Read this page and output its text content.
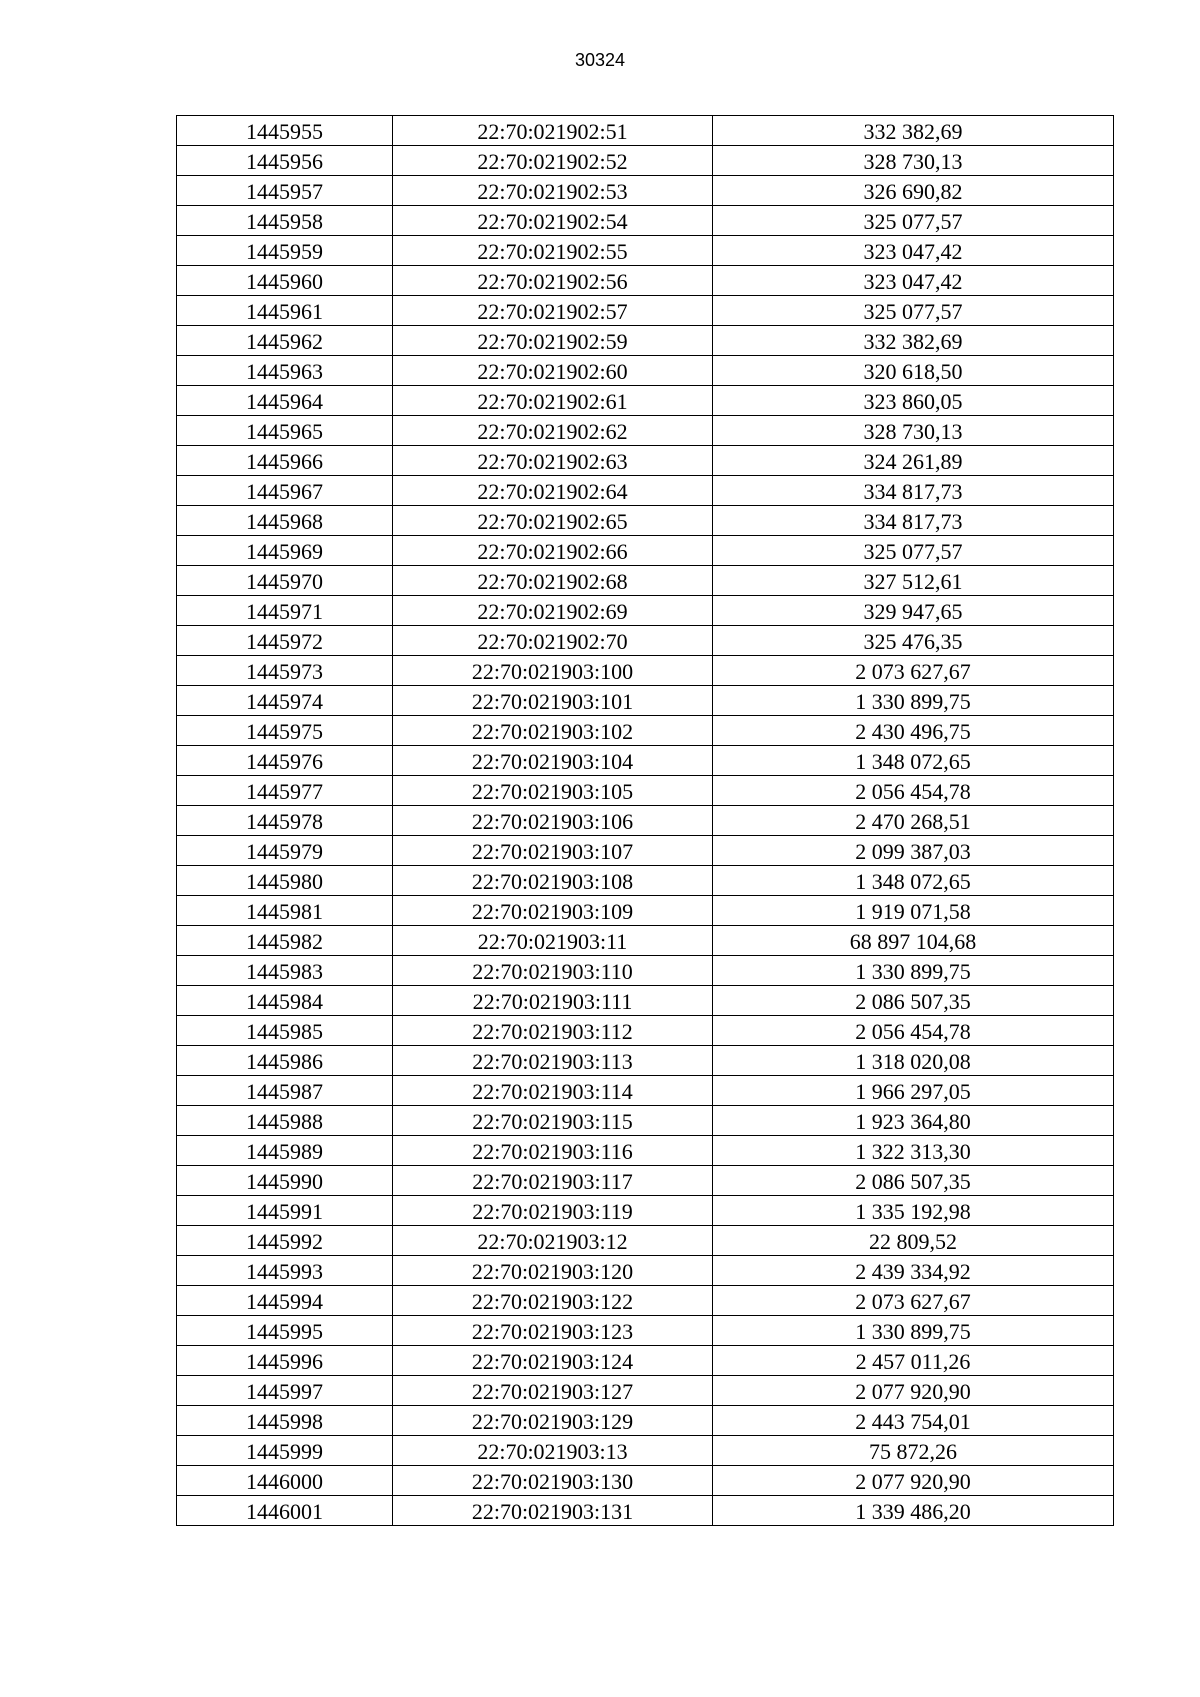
30324
1445955	22:70:021902:51	332 382,69
1445956	22:70:021902:52	328 730,13
1445957	22:70:021902:53	326 690,82
1445958	22:70:021902:54	325 077,57
1445959	22:70:021902:55	323 047,42
1445960	22:70:021902:56	323 047,42
1445961	22:70:021902:57	325 077,57
1445962	22:70:021902:59	332 382,69
1445963	22:70:021902:60	320 618,50
1445964	22:70:021902:61	323 860,05
1445965	22:70:021902:62	328 730,13
1445966	22:70:021902:63	324 261,89
1445967	22:70:021902:64	334 817,73
1445968	22:70:021902:65	334 817,73
1445969	22:70:021902:66	325 077,57
1445970	22:70:021902:68	327 512,61
1445971	22:70:021902:69	329 947,65
1445972	22:70:021902:70	325 476,35
1445973	22:70:021903:100	2 073 627,67
1445974	22:70:021903:101	1 330 899,75
1445975	22:70:021903:102	2 430 496,75
1445976	22:70:021903:104	1 348 072,65
1445977	22:70:021903:105	2 056 454,78
1445978	22:70:021903:106	2 470 268,51
1445979	22:70:021903:107	2 099 387,03
1445980	22:70:021903:108	1 348 072,65
1445981	22:70:021903:109	1 919 071,58
1445982	22:70:021903:11	68 897 104,68
1445983	22:70:021903:110	1 330 899,75
1445984	22:70:021903:111	2 086 507,35
1445985	22:70:021903:112	2 056 454,78
1445986	22:70:021903:113	1 318 020,08
1445987	22:70:021903:114	1 966 297,05
1445988	22:70:021903:115	1 923 364,80
1445989	22:70:021903:116	1 322 313,30
1445990	22:70:021903:117	2 086 507,35
1445991	22:70:021903:119	1 335 192,98
1445992	22:70:021903:12	22 809,52
1445993	22:70:021903:120	2 439 334,92
1445994	22:70:021903:122	2 073 627,67
1445995	22:70:021903:123	1 330 899,75
1445996	22:70:021903:124	2 457 011,26
1445997	22:70:021903:127	2 077 920,90
1445998	22:70:021903:129	2 443 754,01
1445999	22:70:021903:13	75 872,26
1446000	22:70:021903:130	2 077 920,90
1446001	22:70:021903:131	1 339 486,20
